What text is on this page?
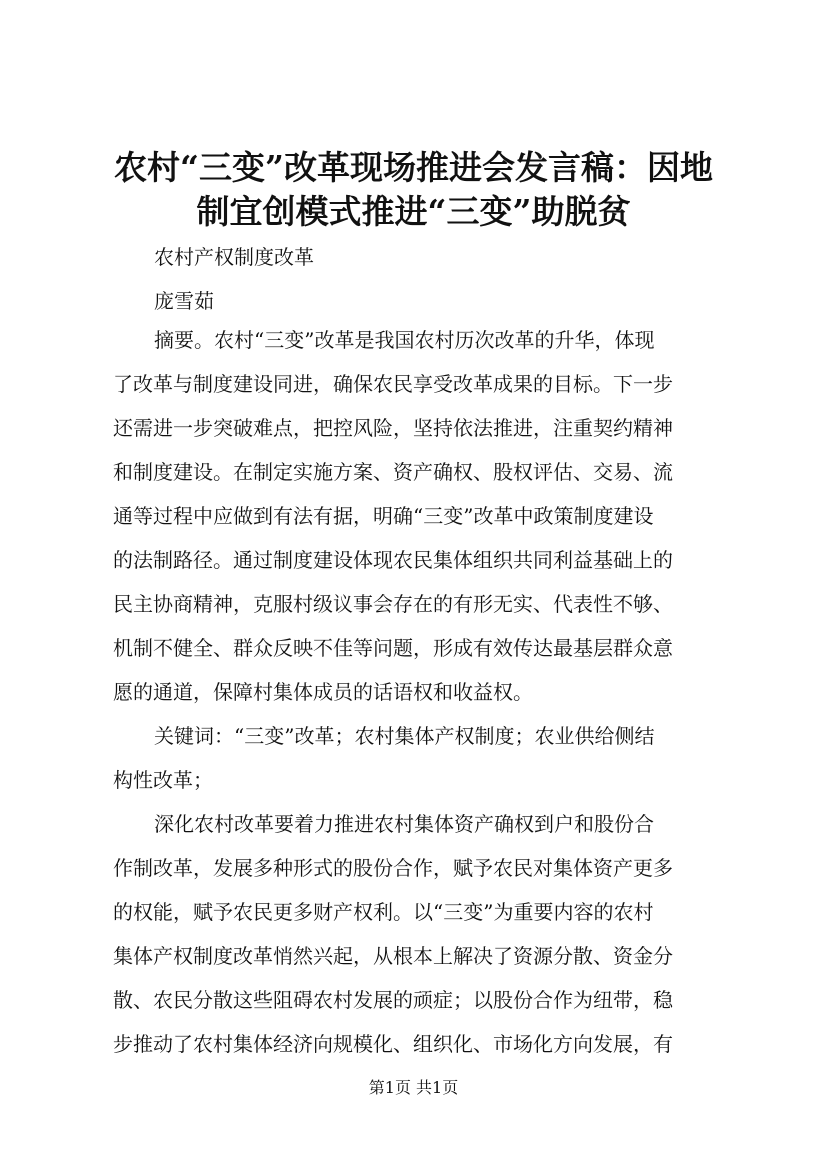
农村“三变”改革现场推进会发言稿：因地制宜创模式推进“三变”助脱贫
农村产权制度改革
庞雪茹
摘要。农村“三变”改革是我国农村历次改革的升华，体现
了改革与制度建设同进，确保农民享受改革成果的目标。下一步
还需进一步突破难点，把控风险，坚持依法推进，注重契约精神
和制度建设。在制定实施方案、资产确权、股权评估、交易、流
通等过程中应做到有法有据，明确“三变”改革中政策制度建设
的法制路径。通过制度建设体现农民集体组织共同利益基础上的
民主协商精神，克服村级议事会存在的有形无实、代表性不够、
机制不健全、群众反映不佳等问题，形成有效传达最基层群众意
愿的通道，保障村集体成员的话语权和收益权。
关键词：“三变”改革；农村集体产权制度；农业供给侧结
构性改革；
深化农村改革要着力推进农村集体资产确权到户和股份合
作制改革，发展多种形式的股份合作，赋予农民对集体资产更多
的权能，赋予农民更多财产权利。以“三变”为重要内容的农村
集体产权制度改革悄然兴起，从根本上解决了资源分散、资金分
散、农民分散这些阻碍农村发展的顽症；以股份合作为纽带，稳
步推动了农村集体经济向规模化、组织化、市场化方向发展，有
第1页 共1页
